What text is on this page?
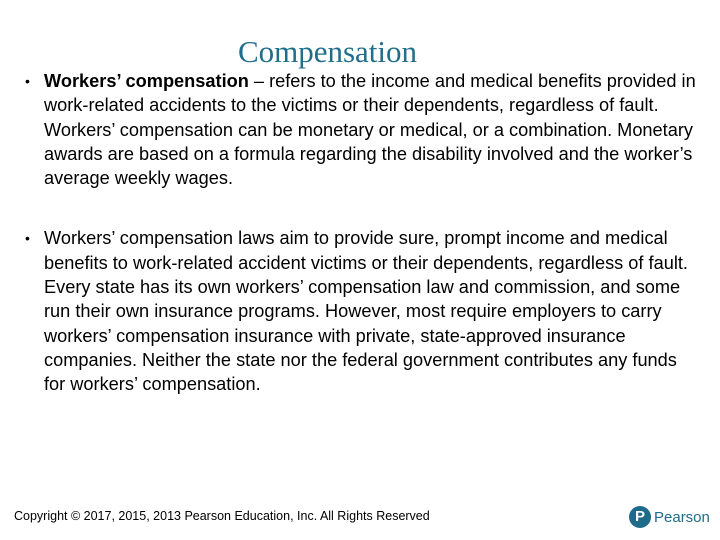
Compensation
• Workers’ compensation – refers to the income and medical benefits provided in work-related accidents to the victims or their dependents, regardless of fault. Workers’ compensation can be monetary or medical, or a combination. Monetary awards are based on a formula regarding the disability involved and the worker’s average weekly wages.
• Workers’ compensation laws aim to provide sure, prompt income and medical benefits to work-related accident victims or their dependents, regardless of fault. Every state has its own workers’ compensation law and commission, and some run their own insurance programs. However, most require employers to carry workers’ compensation insurance with private, state-approved insurance companies. Neither the state nor the federal government contributes any funds for workers’ compensation.
Copyright © 2017, 2015, 2013 Pearson Education, Inc. All Rights Reserved	P Pearson
